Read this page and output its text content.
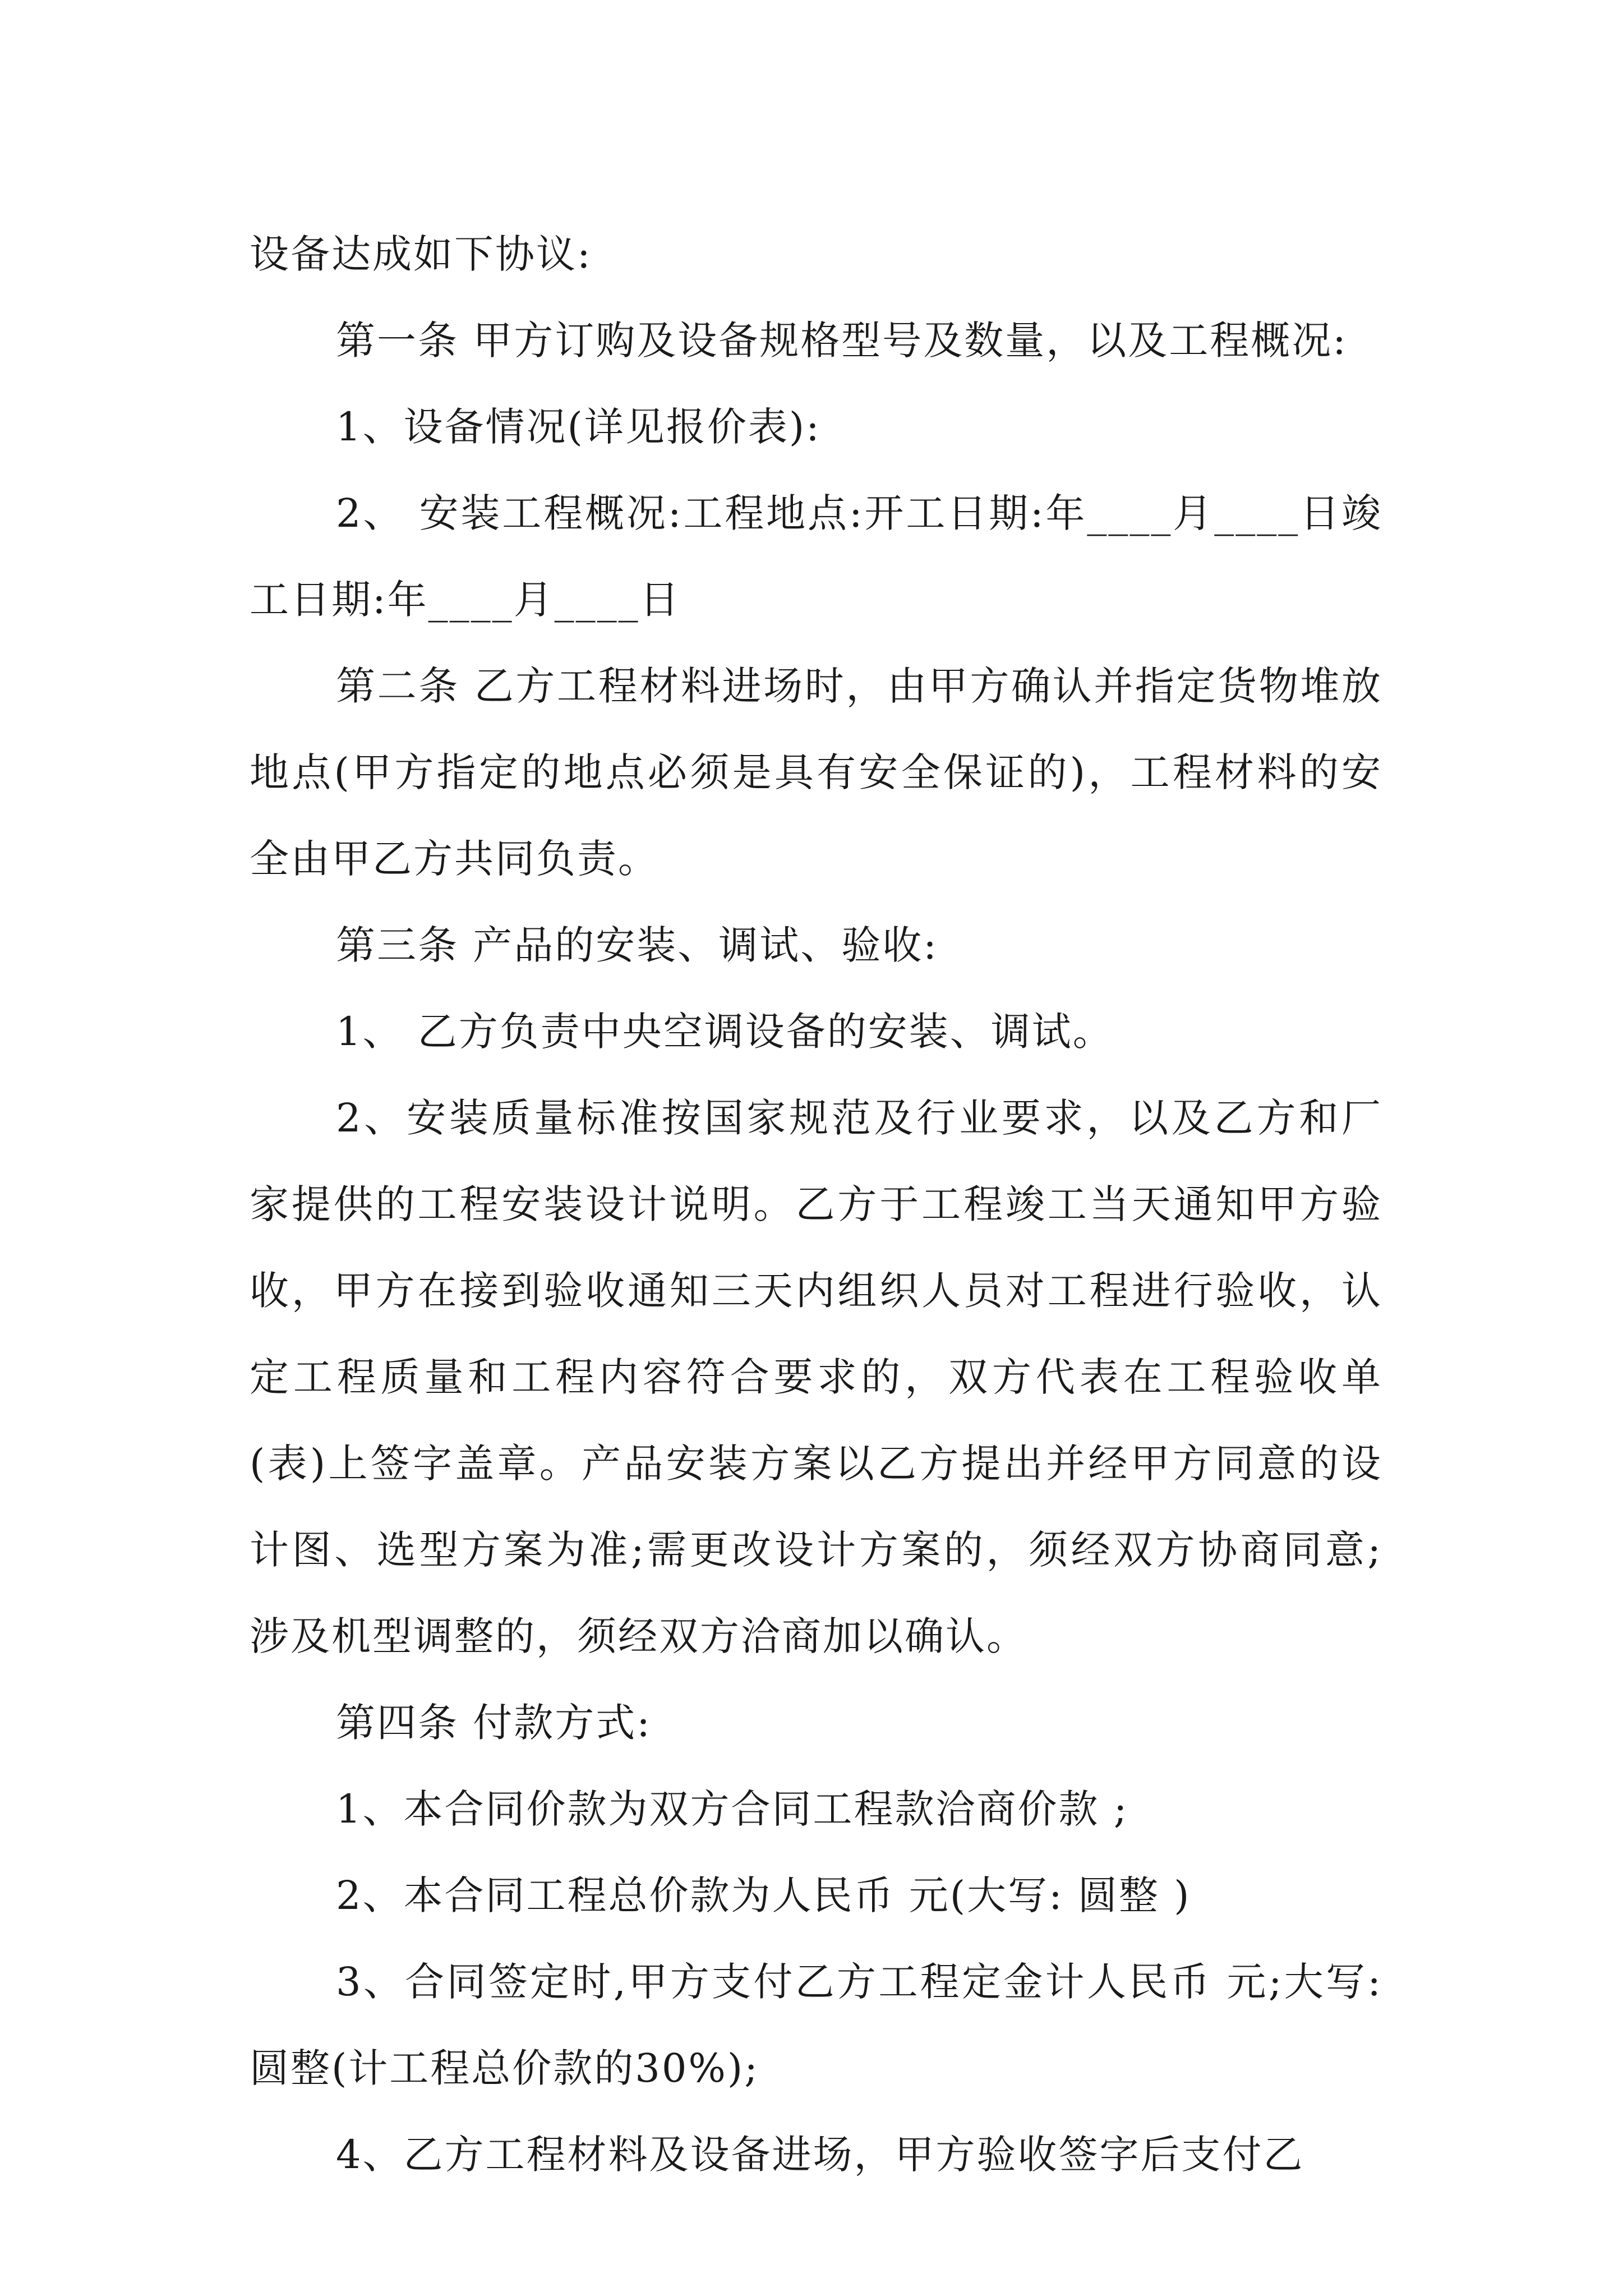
设备达成如下协议:

第一条 甲方订购及设备规格型号及数量，以及工程概况:

1、设备情况(详见报价表):

2、 安装工程概况:工程地点:开工日期:年____月____日竣工日期:年____月____日

第二条 乙方工程材料进场时，由甲方确认并指定货物堆放地点(甲方指定的地点必须是具有安全保证的)，工程材料的安全由甲乙方共同负责。

第三条 产品的安装、调试、验收:

1、 乙方负责中央空调设备的安装、调试。

2、安装质量标准按国家规范及行业要求，以及乙方和厂家提供的工程安装设计说明。乙方于工程竣工当天通知甲方验收，甲方在接到验收通知三天内组织人员对工程进行验收，认定工程质量和工程内容符合要求的，双方代表在工程验收单(表)上签字盖章。产品安装方案以乙方提出并经甲方同意的设计图、选型方案为准;需更改设计方案的，须经双方协商同意;涉及机型调整的，须经双方洽商加以确认。

第四条 付款方式:

1、本合同价款为双方合同工程款洽商价款 ;

2、本合同工程总价款为人民币 元(大写: 圆整 )

3、合同签定时,甲方支付乙方工程定金计人民币 元;大写: 圆整(计工程总价款的30%);

4、乙方工程材料及设备进场，甲方验收签字后支付乙
